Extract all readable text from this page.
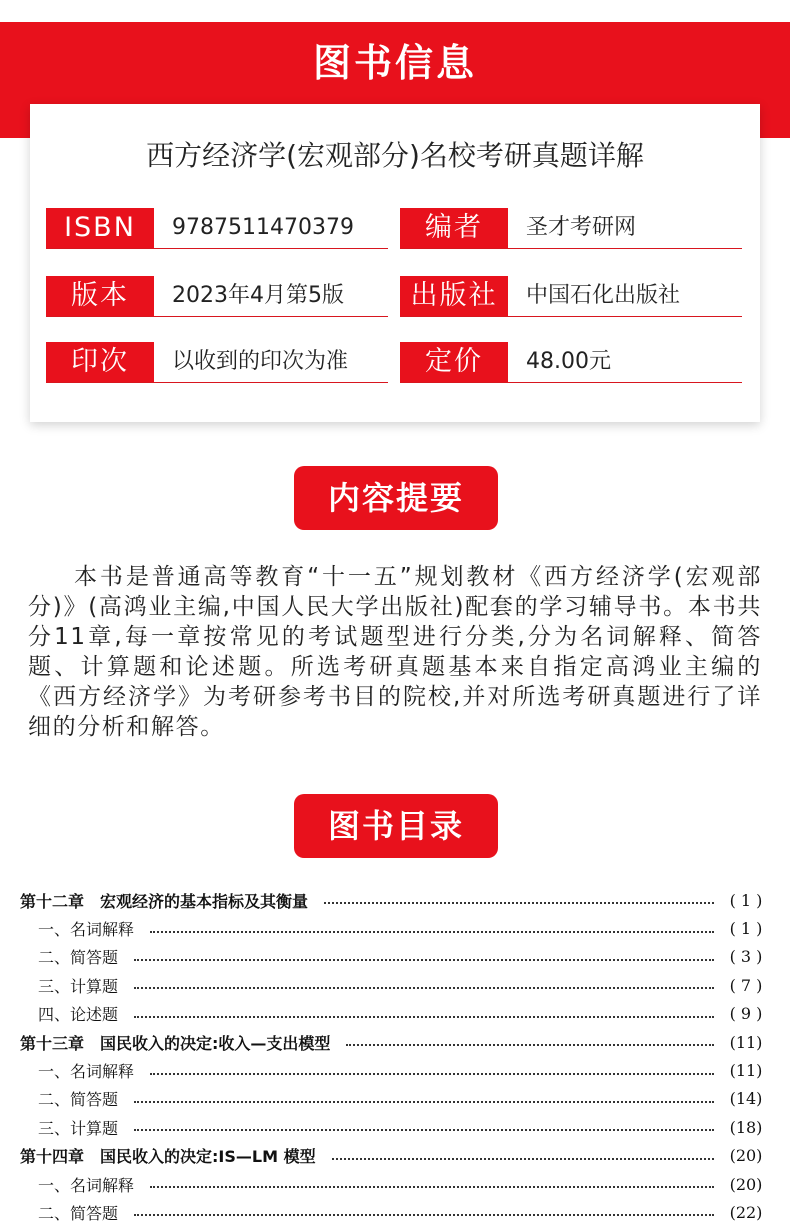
图书信息
西方经济学(宏观部分)名校考研真题详解
ISBN	9787511470379	编者	圣才考研网
版本	2023年4月第5版	出版社	中国石化出版社
印次	以收到的印次为准	定价	48.00元
内容提要
本书是普通高等教育“十一五”规划教材《西方经济学(宏观部分)》(高鸿业主编,中国人民大学出版社)配套的学习辅导书。本书共分11章,每一章按常见的考试题型进行分类,分为名词解释、简答题、计算题和论述题。所选考研真题基本来自指定高鸿业主编的《西方经济学》为考研参考书目的院校,并对所选考研真题进行了详细的分析和解答。
图书目录
第十二章　宏观经济的基本指标及其衡量	( 1 )
一、名词解释	( 1 )
二、简答题	( 3 )
三、计算题	( 7 )
四、论述题	( 9 )
第十三章　国民收入的决定:收入—支出模型	(11)
一、名词解释	(11)
二、简答题	(14)
三、计算题	(18)
第十四章　国民收入的决定:IS—LM 模型	(20)
一、名词解释	(20)
二、简答题	(22)
